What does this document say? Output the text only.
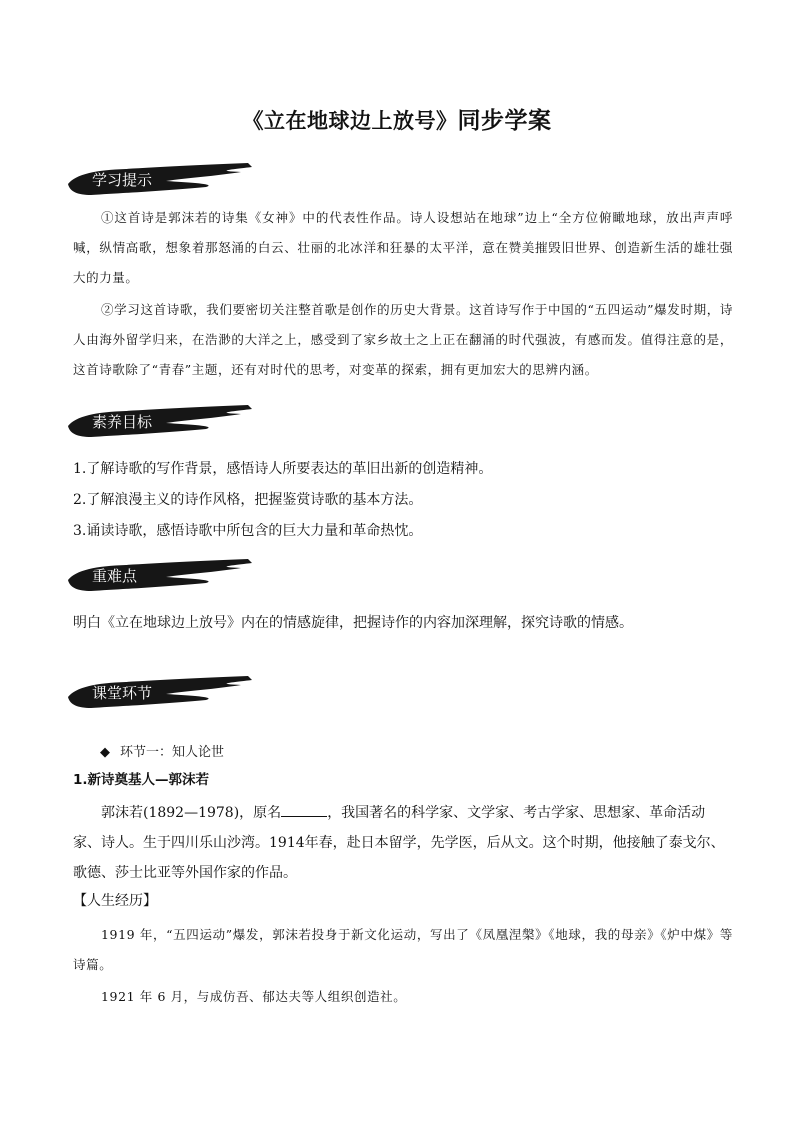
《立在地球边上放号》同步学案
学习提示
①这首诗是郭沫若的诗集《女神》中的代表性作品。诗人设想站在地球”边上“全方位俯瞰地球，放出声声呼喊，纵情高歌，想象着那怒涌的白云、壮丽的北冰洋和狂暴的太平洋，意在赞美摧毁旧世界、创造新生活的雄壮强大的力量。
②学习这首诗歌，我们要密切关注整首歌是创作的历史大背景。这首诗写作于中国的“五四运动”爆发时期，诗人由海外留学归来，在浩渺的大洋之上，感受到了家乡故土之上正在翻涌的时代强波，有感而发。值得注意的是，这首诗歌除了“青春”主题，还有对时代的思考，对变革的探索，拥有更加宏大的思辨内涵。
素养目标
1.了解诗歌的写作背景，感悟诗人所要表达的革旧出新的创造精神。
2.了解浪漫主义的诗作风格，把握鉴赏诗歌的基本方法。
3.诵读诗歌，感悟诗歌中所包含的巨大力量和革命热忱。
重难点
明白《立在地球边上放号》内在的情感旋律，把握诗作的内容加深理解，探究诗歌的情感。
课堂环节
◆ 环节一：知人论世
1.新诗奠基人—郭沫若
郭沫若(1892—1978)，原名	，我国著名的科学家、文学家、考古学家、思想家、革命活动家、诗人。生于四川乐山沙湾。1914年春，赴日本留学，先学医，后从文。这个时期，他接触了泰戈尔、歌德、莎士比亚等外国作家的作品。
【人生经历】
1919 年，“五四运动”爆发，郭沫若投身于新文化运动，写出了《凤凰涅槃》《地球，我的母亲》《炉中煤》等诗篇。
1921 年 6 月，与成仿吾、郁达夫等人组织创造社。
